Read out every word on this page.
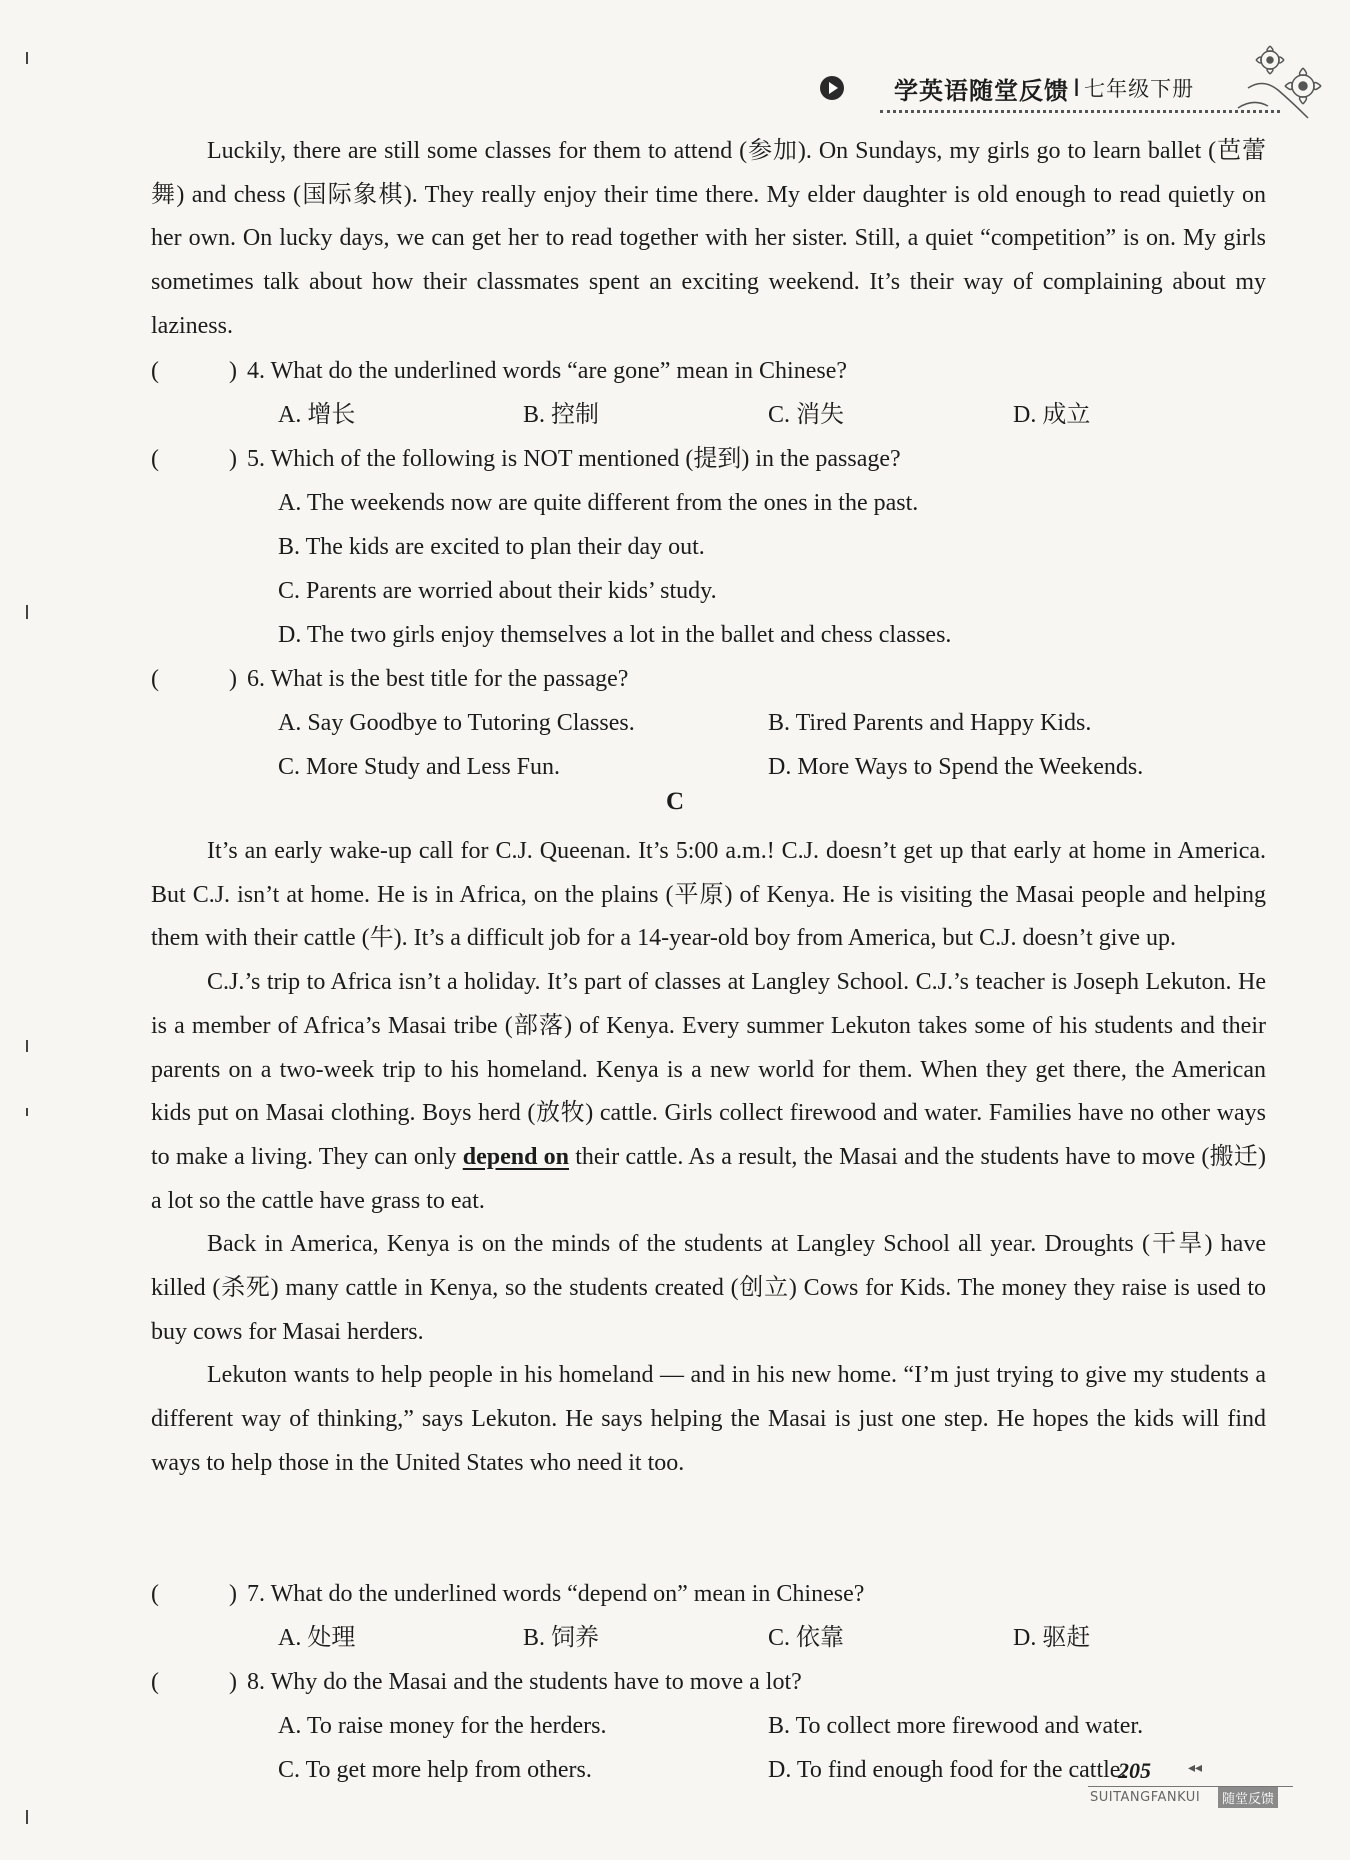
学英语随堂反馈 I 七年级下册

Luckily, there are still some classes for them to attend (参加). On Sundays, my girls go to learn ballet (芭蕾舞) and chess (国际象棋). They really enjoy their time there. My elder daughter is old enough to read quietly on her own. On lucky days, we can get her to read together with her sister. Still, a quiet “competition” is on. My girls sometimes talk about how their classmates spent an exciting weekend. It’s their way of complaining about my laziness.

( )4. What do the underlined words “are gone” mean in Chinese?
A. 增长	B. 控制	C. 消失	D. 成立
( )5. Which of the following is NOT mentioned (提到) in the passage?
A. The weekends now are quite different from the ones in the past.
B. The kids are excited to plan their day out.
C. Parents are worried about their kids’ study.
D. The two girls enjoy themselves a lot in the ballet and chess classes.
( )6. What is the best title for the passage?
A. Say Goodbye to Tutoring Classes.	B. Tired Parents and Happy Kids.
C. More Study and Less Fun.	D. More Ways to Spend the Weekends.
C

It’s an early wake-up call for C.J. Queenan. It’s 5:00 a.m.! C.J. doesn’t get up that early at home in America. But C.J. isn’t at home. He is in Africa, on the plains (平原) of Kenya. He is visiting the Masai people and helping them with their cattle (牛). It’s a difficult job for a 14-year-old boy from America, but C.J. doesn’t give up.

C.J.’s trip to Africa isn’t a holiday. It’s part of classes at Langley School. C.J.’s teacher is Joseph Lekuton. He is a member of Africa’s Masai tribe (部落) of Kenya. Every summer Lekuton takes some of his students and their parents on a two-week trip to his homeland. Kenya is a new world for them. When they get there, the American kids put on Masai clothing. Boys herd (放牧) cattle. Girls collect firewood and water. Families have no other ways to make a living. They can only depend on their cattle. As a result, the Masai and the students have to move (搬迁) a lot so the cattle have grass to eat.

Back in America, Kenya is on the minds of the students at Langley School all year. Droughts (干旱) have killed (杀死) many cattle in Kenya, so the students created (创立) Cows for Kids. The money they raise is used to buy cows for Masai herders.

Lekuton wants to help people in his homeland — and in his new home. “I’m just trying to give my students a different way of thinking,” says Lekuton. He says helping the Masai is just one step. He hopes the kids will find ways to help those in the United States who need it too.

( )7. What do the underlined words “depend on” mean in Chinese?
A. 处理	B. 饲养	C. 依靠	D. 驱赶
( )8. Why do the Masai and the students have to move a lot?
A. To raise money for the herders.	B. To collect more firewood and water.
C. To get more help from others.	D. To find enough food for the cattle.
205	◂◂
SUITANGFANKUI	随堂反馈
